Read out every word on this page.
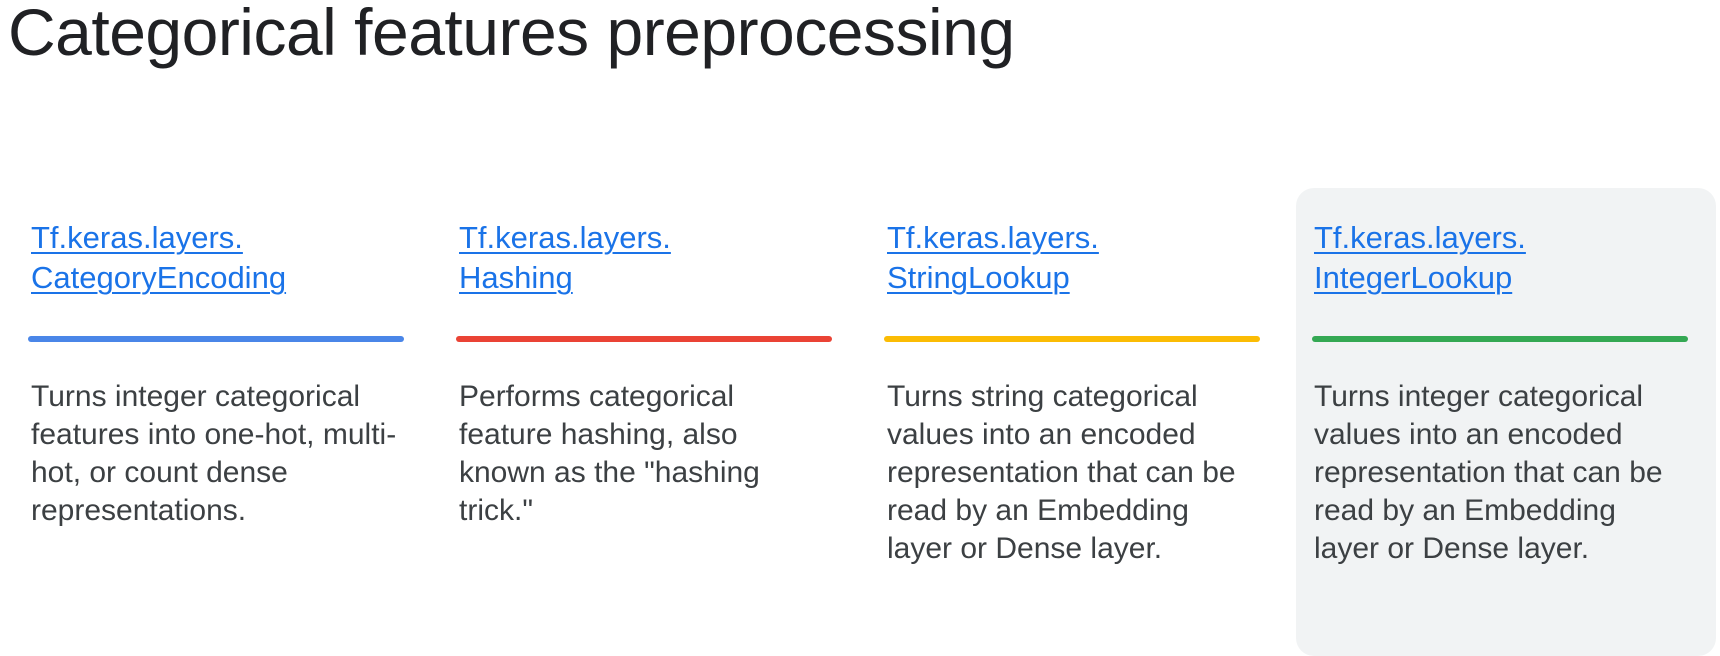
Categorical features preprocessing
Tf.keras.layers.
CategoryEncoding

Turns integer categorical features into one-hot, multi-hot, or count dense representations.

Tf.keras.layers.
Hashing

Performs categorical feature hashing, also known as the "hashing trick."

Tf.keras.layers.
StringLookup

Turns string categorical values into an encoded representation that can be read by an Embedding layer or Dense layer.

Tf.keras.layers.
IntegerLookup

Turns integer categorical values into an encoded representation that can be read by an Embedding layer or Dense layer.
